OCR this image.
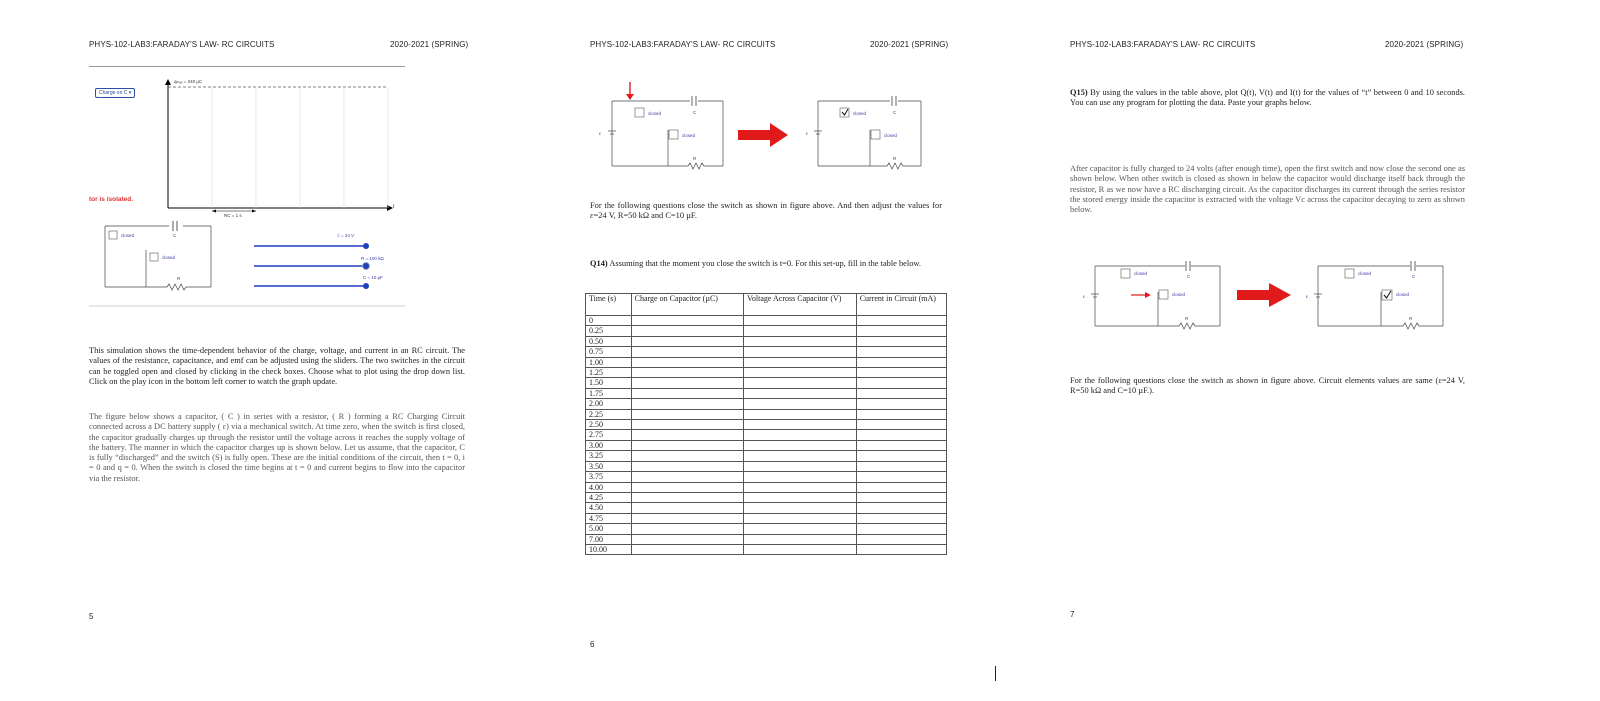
PHYS-102-LAB3:FARADAY'S LAW- RC CIRCUITS	2020-2021 (SPRING)
Charge on C ▾
tor is isolated.
qₘₐₓ = 240 µC
RC = 1 s
t
C
R
closed
closed
ℰ = 24 V
R = 100 kΩ
C = 10 µF
This simulation shows the time-dependent behavior of the charge, voltage, and current in an RC circuit. The values of the resistance, capacitance, and emf can be adjusted using the sliders. The two switches in the circuit can be toggled open and closed by clicking in the check boxes. Choose what to plot using the drop down list. Click on the play icon in the bottom left corner to watch the graph update.
The figure below shows a capacitor, ( C ) in series with a resistor, ( R ) forming a RC Charging Circuit connected across a DC battery supply ( ε) via a mechanical switch. At time zero, when the switch is first closed, the capacitor gradually charges up through the resistor until the voltage across it reaches the supply voltage of the battery. The manner in which the capacitor charges up is shown below. Let us assume, that the capacitor, C is fully “discharged” and the switch (S) is fully open. These are the initial conditions of the circuit, then t = 0, i = 0 and q = 0. When the switch is closed the time begins at t = 0 and current begins to flow into the capacitor via the resistor.
5
PHYS-102-LAB3:FARADAY'S LAW- RC CIRCUITS	2020-2021 (SPRING)
closed
closed
C
R
ε
closed
closed
C
R
ε
For the following questions close the switch as shown in figure above. And then adjust the values for ε=24 V, R=50 kΩ and C=10 µF.
Q14) Assuming that the moment you close the switch is t=0. For this set-up, fill in the table below.
Time (s)	Charge on Capacitor (µC)	Voltage Across Capacitor (V)	Current in Circuit (mA)
0			
0.25			
0.50			
0.75			
1.00			
1.25			
1.50			
1.75			
2.00			
2.25			
2.50			
2.75			
3.00			
3.25			
3.50			
3.75			
4.00			
4.25			
4.50			
4.75			
5.00			
7.00			
10.00			
6
PHYS-102-LAB3:FARADAY'S LAW- RC CIRCUITS	2020-2021 (SPRING)
Q15) By using the values in the table above, plot Q(t), V(t) and I(t) for the values of “t” between 0 and 10 seconds. You can use any program for plotting the data. Paste your graphs below.
After capacitor is fully charged to 24 volts (after enough time), open the first switch and now close the second one as shown below. When other switch is closed as shown in below the capacitor would discharge itself back through the resistor, R as we now have a RC discharging circuit. As the capacitor discharges its current through the series resistor the stored energy inside the capacitor is extracted with the voltage Vc across the capacitor decaying to zero as shown below.
closed
closed
C
R
ε
closed
closed
C
R
ε
For the following questions close the switch as shown in figure above. Circuit elements values are same (ε=24 V, R=50 kΩ and C=10 µF.).
7
